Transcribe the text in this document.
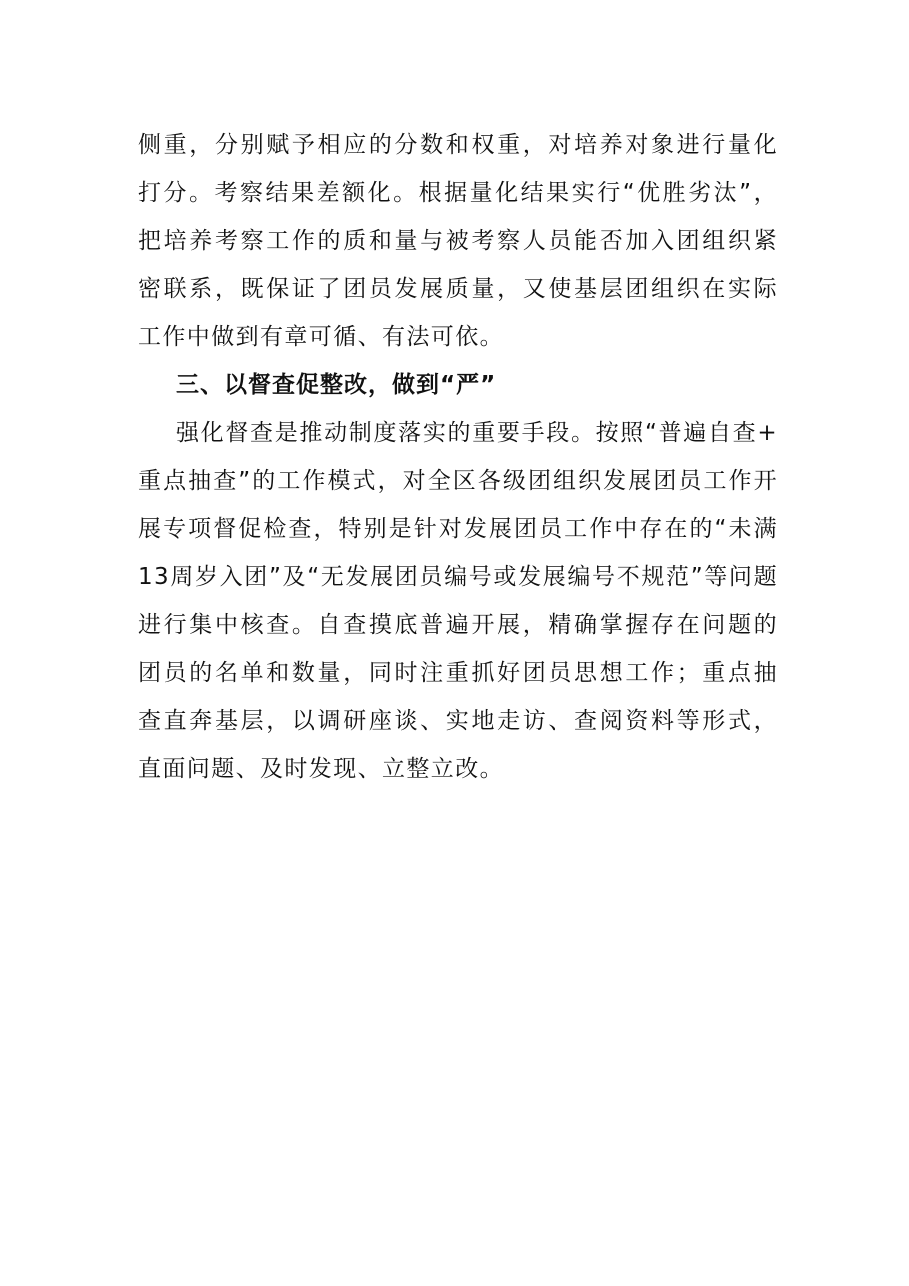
侧重，分别赋予相应的分数和权重，对培养对象进行量化
打分。考察结果差额化。根据量化结果实行“优胜劣汰”，
把培养考察工作的质和量与被考察人员能否加入团组织紧
密联系，既保证了团员发展质量，又使基层团组织在实际
工作中做到有章可循、有法可依。
三、以督查促整改，做到“严”
强化督查是推动制度落实的重要手段。按照“普遍自查+
重点抽查”的工作模式，对全区各级团组织发展团员工作开
展专项督促检查，特别是针对发展团员工作中存在的“未满
13周岁入团”及“无发展团员编号或发展编号不规范”等问题
进行集中核查。自查摸底普遍开展，精确掌握存在问题的
团员的名单和数量，同时注重抓好团员思想工作；重点抽
查直奔基层，以调研座谈、实地走访、查阅资料等形式，
直面问题、及时发现、立整立改。
